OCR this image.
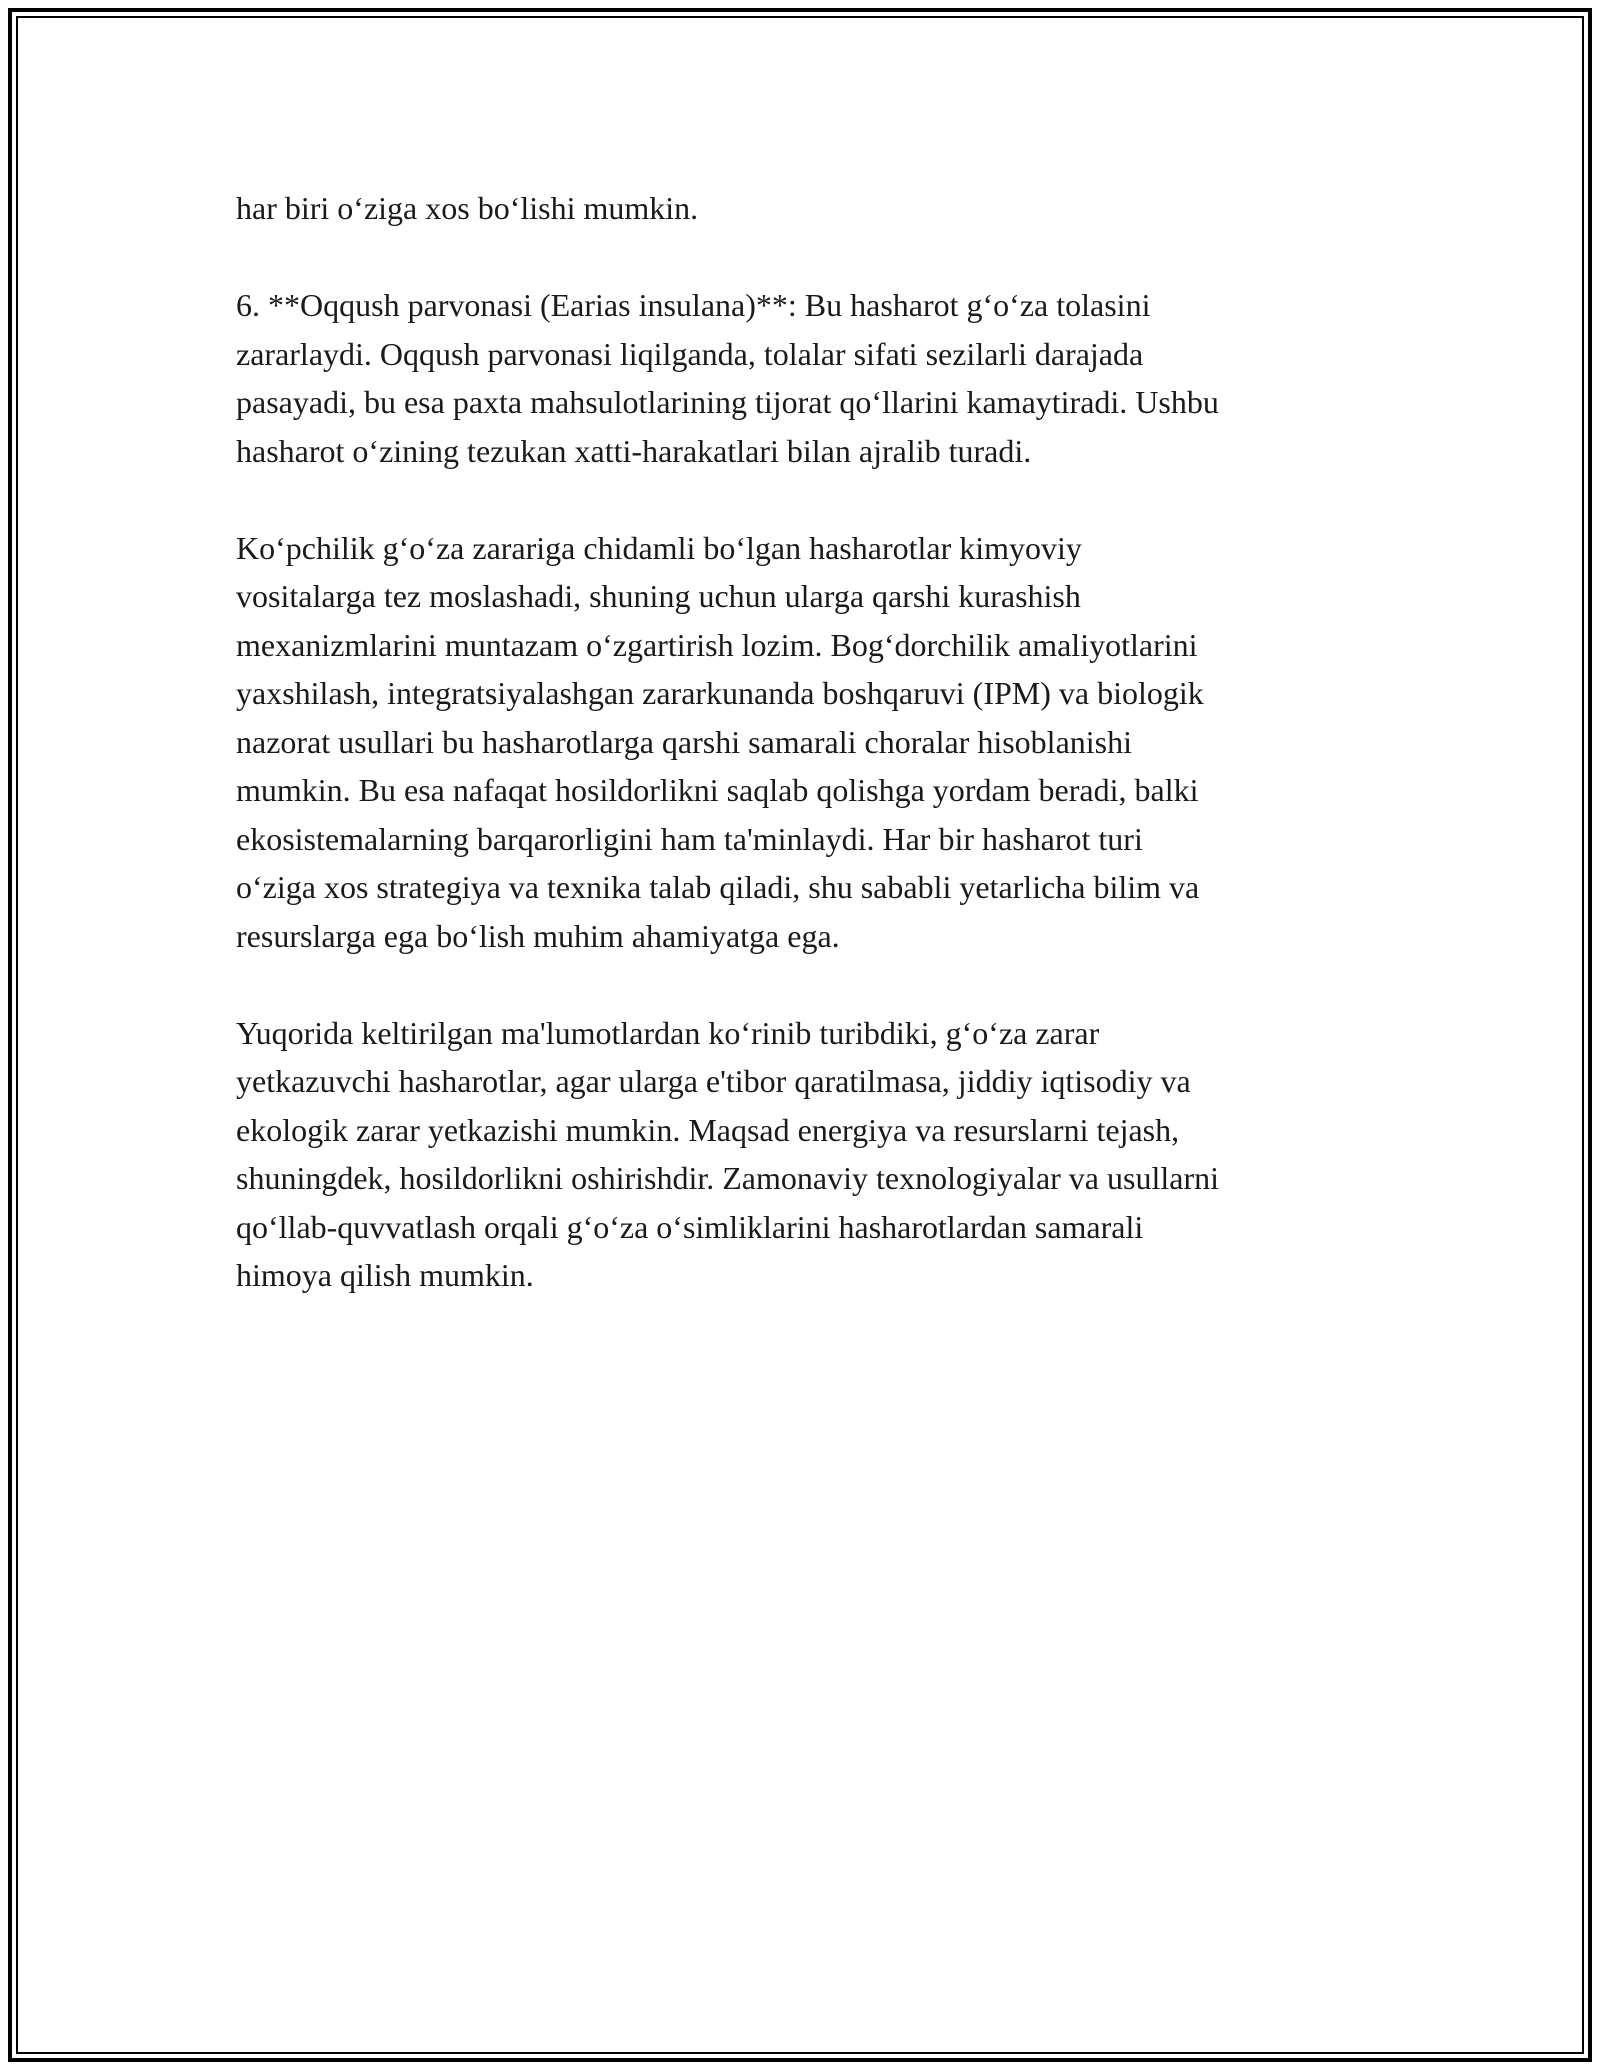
har biri o‘ziga xos bo‘lishi mumkin.

6. **Oqqush parvonasi (Earias insulana)**: Bu hasharot g‘o‘za tolasini
zararlaydi. Oqqush parvonasi liqilganda, tolalar sifati sezilarli darajada
pasayadi, bu esa paxta mahsulotlarining tijorat qo‘llarini kamaytiradi. Ushbu
hasharot o‘zining tezukan xatti-harakatlari bilan ajralib turadi.

Ko‘pchilik g‘o‘za zarariga chidamli bo‘lgan hasharotlar kimyoviy
vositalarga tez moslashadi, shuning uchun ularga qarshi kurashish
mexanizmlarini muntazam o‘zgartirish lozim. Bog‘dorchilik amaliyotlarini
yaxshilash, integratsiyalashgan zararkunanda boshqaruvi (IPM) va biologik
nazorat usullari bu hasharotlarga qarshi samarali choralar hisoblanishi
mumkin. Bu esa nafaqat hosildorlikni saqlab qolishga yordam beradi, balki
ekosistemalarning barqarorligini ham ta'minlaydi. Har bir hasharot turi
o‘ziga xos strategiya va texnika talab qiladi, shu sababli yetarlicha bilim va
resurslarga ega bo‘lish muhim ahamiyatga ega.

Yuqorida keltirilgan ma'lumotlardan ko‘rinib turibdiki, g‘o‘za zarar
yetkazuvchi hasharotlar, agar ularga e'tibor qaratilmasa, jiddiy iqtisodiy va
ekologik zarar yetkazishi mumkin. Maqsad energiya va resurslarni tejash,
shuningdek, hosildorlikni oshirishdir. Zamonaviy texnologiyalar va usullarni
qo‘llab-quvvatlash orqali g‘o‘za o‘simliklarini hasharotlardan samarali
himoya qilish mumkin.
